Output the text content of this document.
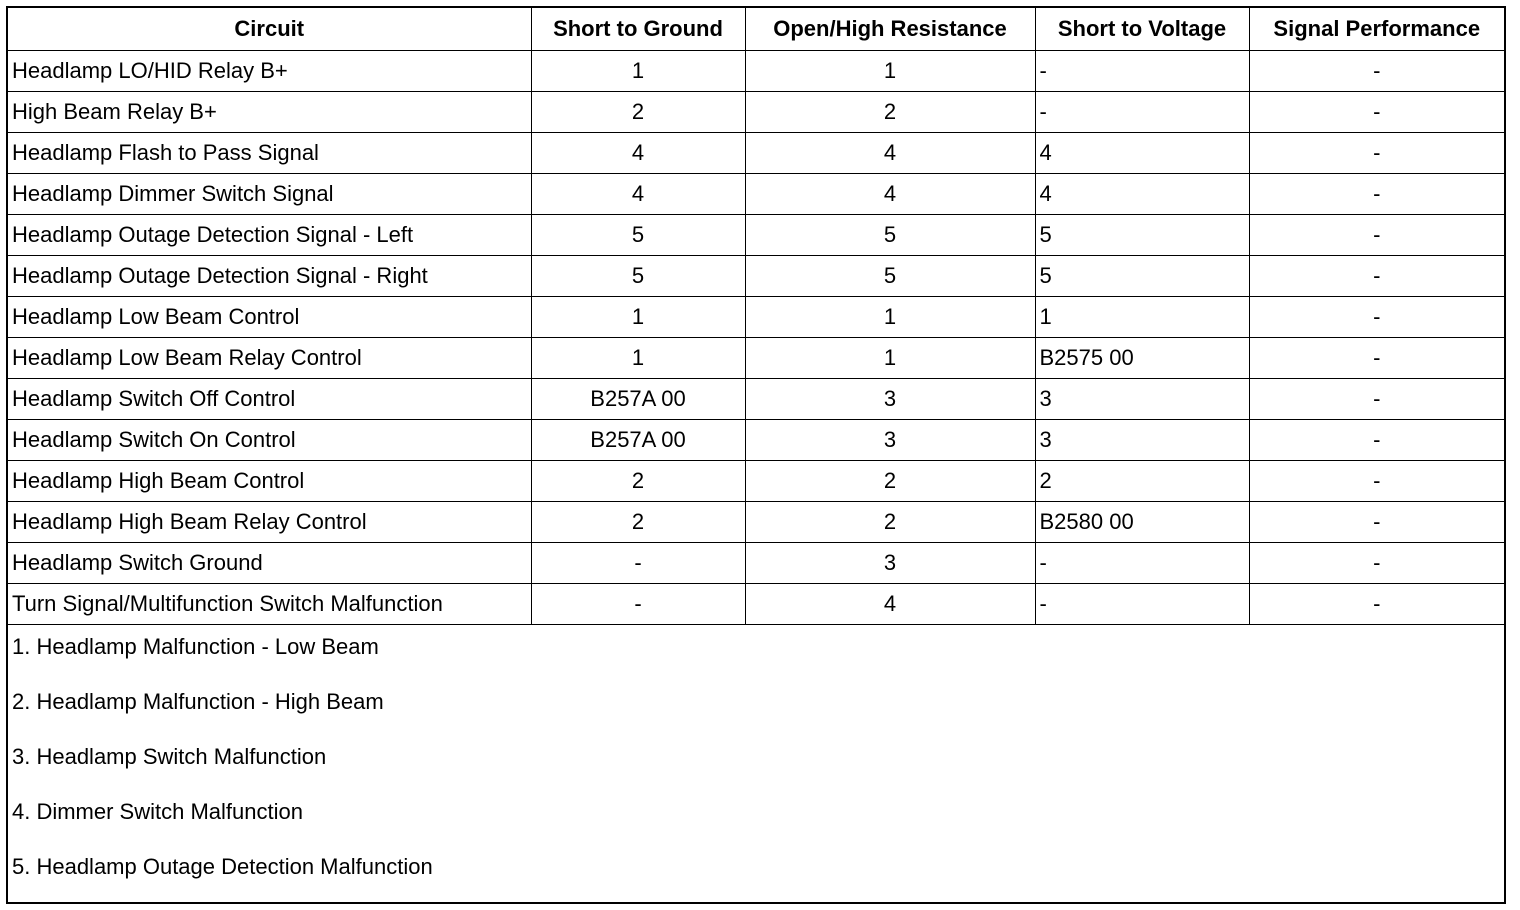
Circuit	Short to Ground	Open/High Resistance	Short to Voltage	Signal Performance
Headlamp LO/HID Relay B+	1	1	-	-
High Beam Relay B+	2	2	-	-
Headlamp Flash to Pass Signal	4	4	4	-
Headlamp Dimmer Switch Signal	4	4	4	-
Headlamp Outage Detection Signal - Left	5	5	5	-
Headlamp Outage Detection Signal - Right	5	5	5	-
Headlamp Low Beam Control	1	1	1	-
Headlamp Low Beam Relay Control	1	1	B2575 00	-
Headlamp Switch Off Control	B257A 00	3	3	-
Headlamp Switch On Control	B257A 00	3	3	-
Headlamp High Beam Control	2	2	2	-
Headlamp High Beam Relay Control	2	2	B2580 00	-
Headlamp Switch Ground	-	3	-	-
Turn Signal/Multifunction Switch Malfunction	-	4	-	-
1. Headlamp Malfunction - Low Beam
2. Headlamp Malfunction - High Beam
3. Headlamp Switch Malfunction
4. Dimmer Switch Malfunction
5. Headlamp Outage Detection Malfunction
